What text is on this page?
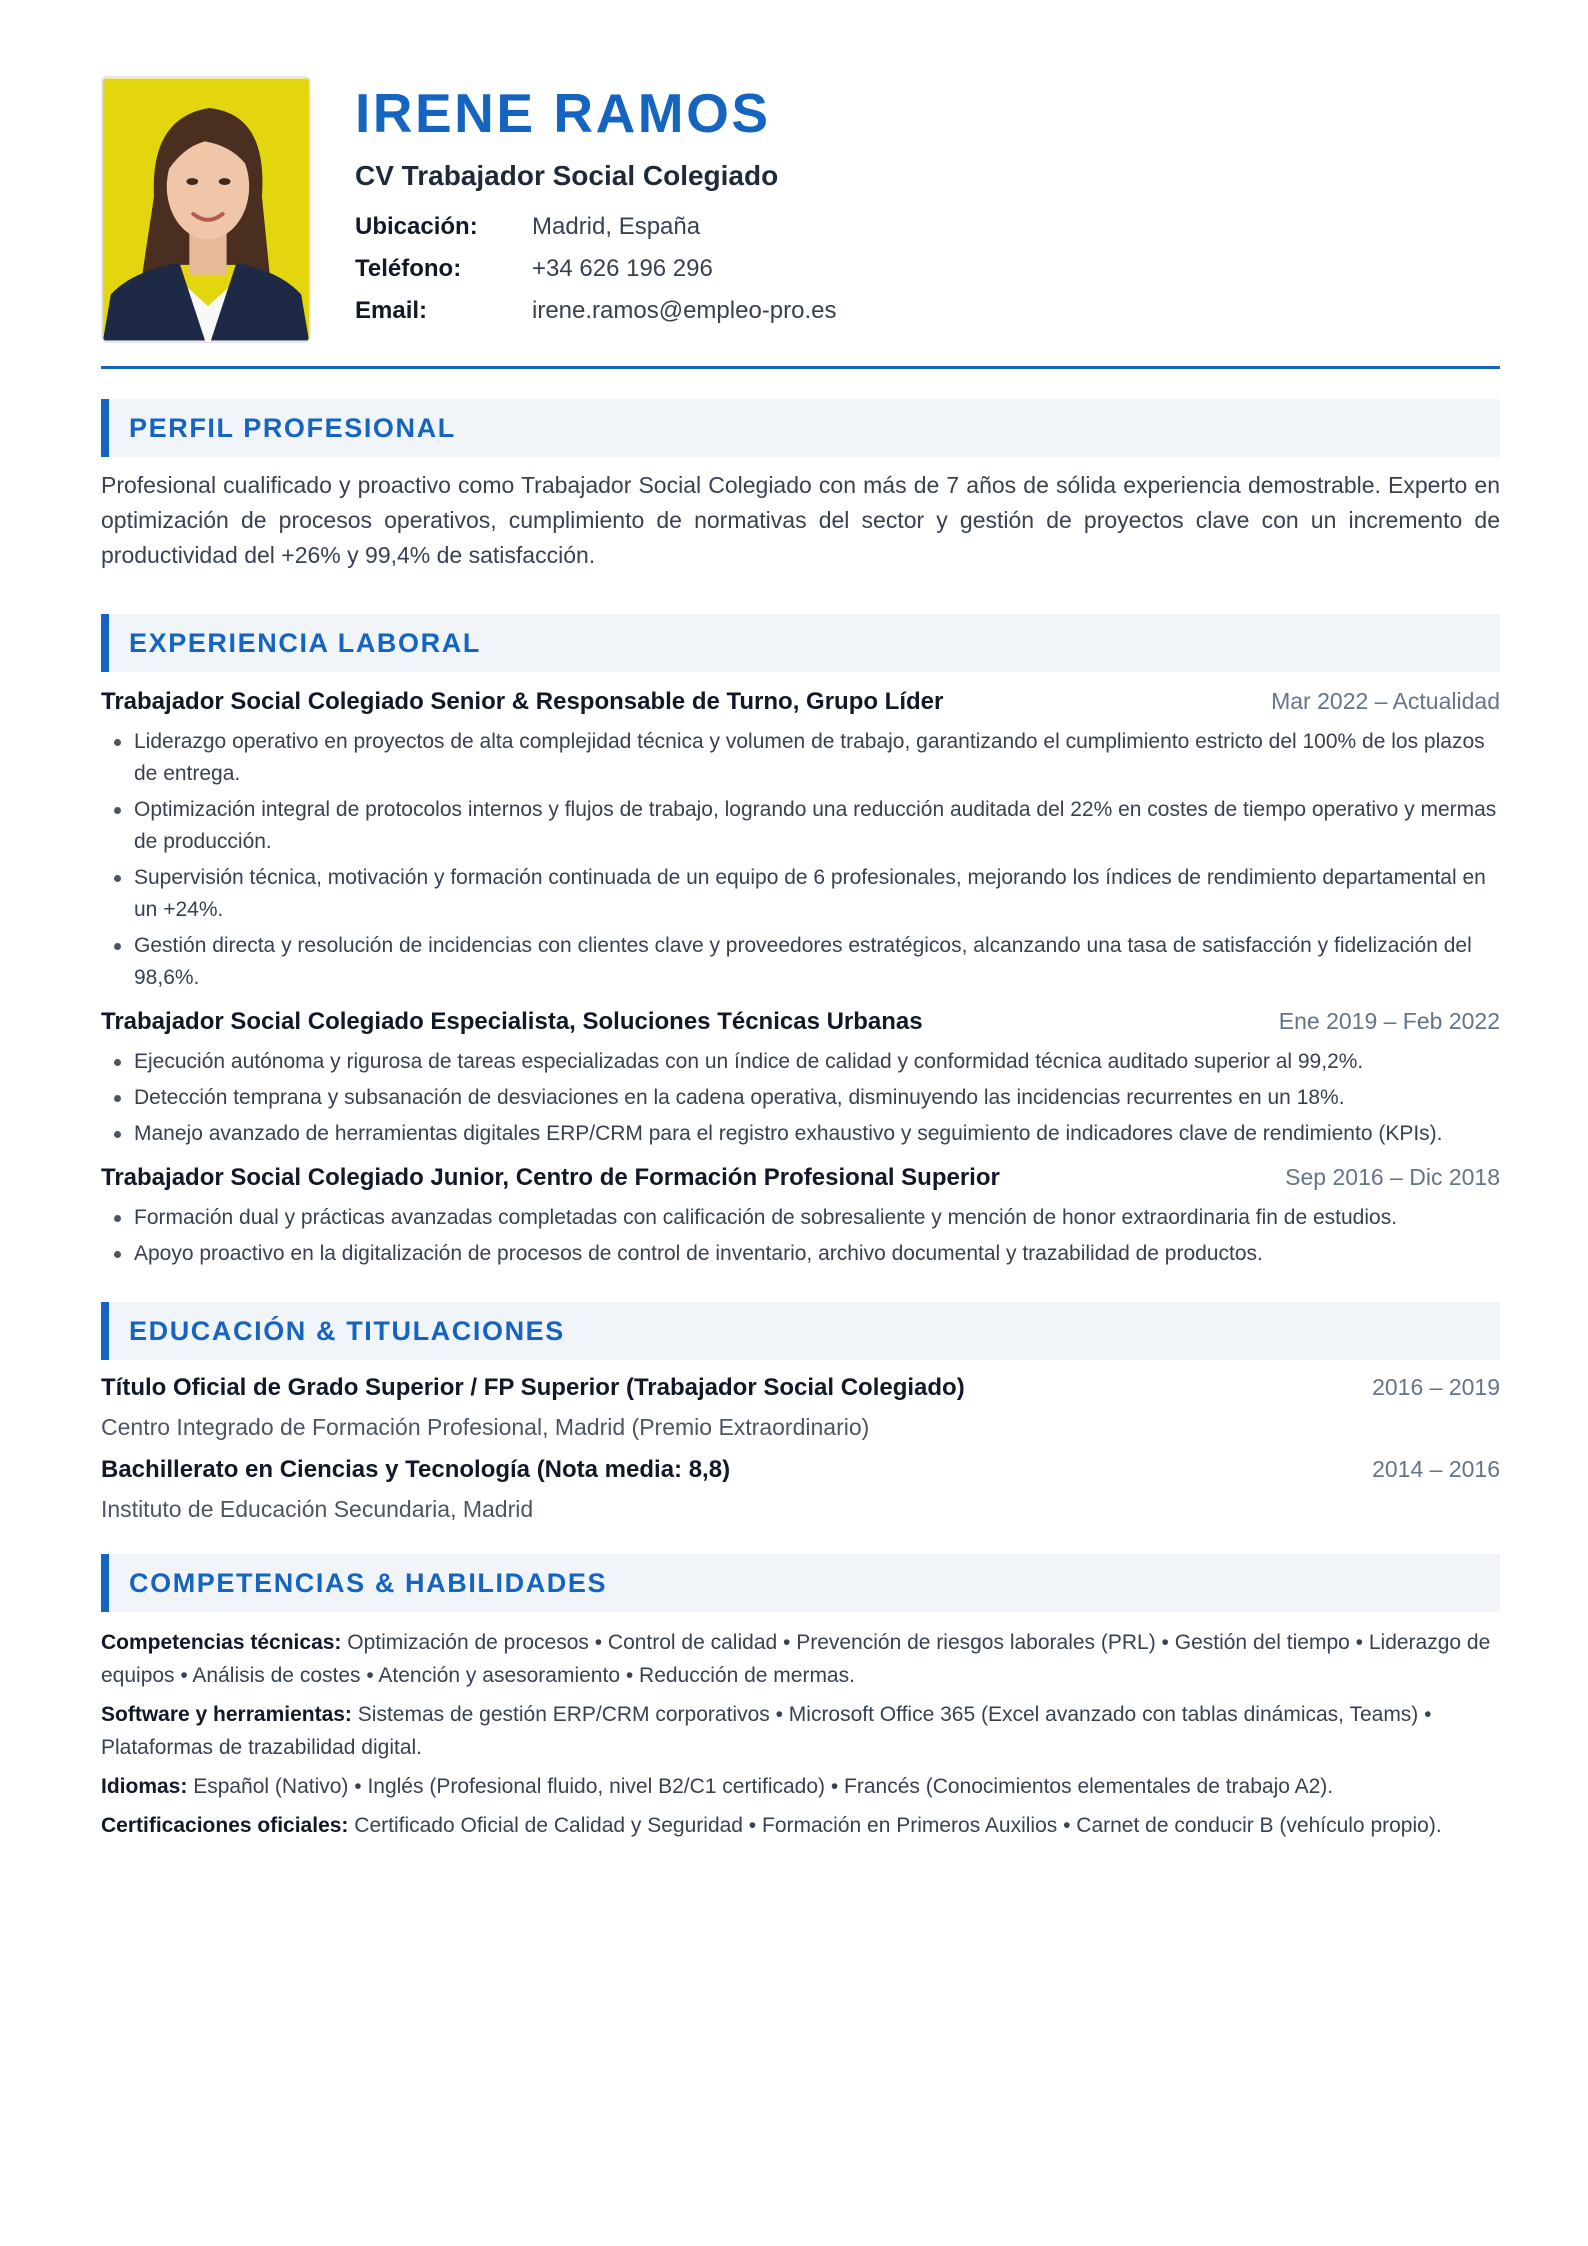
IRENE RAMOS
CV Trabajador Social Colegiado
Ubicación:	Madrid, España
Teléfono:	+34 626 196 296
Email:	irene.ramos@empleo-pro.es
PERFIL PROFESIONAL

Profesional cualificado y proactivo como Trabajador Social Colegiado con más de 7 años de sólida experiencia demostrable. Experto en optimización de procesos operativos, cumplimiento de normativas del sector y gestión de proyectos clave con un incremento de productividad del +26% y 99,4% de satisfacción.

EXPERIENCIA LABORAL
Trabajador Social Colegiado Senior & Responsable de Turno, Grupo Líder	Mar 2022 – Actualidad
Liderazgo operativo en proyectos de alta complejidad técnica y volumen de trabajo, garantizando el cumplimiento estricto del 100% de los plazos de entrega.
Optimización integral de protocolos internos y flujos de trabajo, logrando una reducción auditada del 22% en costes de tiempo operativo y mermas de producción.
Supervisión técnica, motivación y formación continuada de un equipo de 6 profesionales, mejorando los índices de rendimiento departamental en un +24%.
Gestión directa y resolución de incidencias con clientes clave y proveedores estratégicos, alcanzando una tasa de satisfacción y fidelización del 98,6%.
Trabajador Social Colegiado Especialista, Soluciones Técnicas Urbanas	Ene 2019 – Feb 2022
Ejecución autónoma y rigurosa de tareas especializadas con un índice de calidad y conformidad técnica auditado superior al 99,2%.
Detección temprana y subsanación de desviaciones en la cadena operativa, disminuyendo las incidencias recurrentes en un 18%.
Manejo avanzado de herramientas digitales ERP/CRM para el registro exhaustivo y seguimiento de indicadores clave de rendimiento (KPIs).
Trabajador Social Colegiado Junior, Centro de Formación Profesional Superior	Sep 2016 – Dic 2018
Formación dual y prácticas avanzadas completadas con calificación de sobresaliente y mención de honor extraordinaria fin de estudios.
Apoyo proactivo en la digitalización de procesos de control de inventario, archivo documental y trazabilidad de productos.
EDUCACIÓN & TITULACIONES
Título Oficial de Grado Superior / FP Superior (Trabajador Social Colegiado)	2016 – 2019
Centro Integrado de Formación Profesional, Madrid (Premio Extraordinario)
Bachillerato en Ciencias y Tecnología (Nota media: 8,8)	2014 – 2016
Instituto de Educación Secundaria, Madrid
COMPETENCIAS & HABILIDADES

Competencias técnicas: Optimización de procesos • Control de calidad • Prevención de riesgos laborales (PRL) • Gestión del tiempo • Liderazgo de equipos • Análisis de costes • Atención y asesoramiento • Reducción de mermas.

Software y herramientas: Sistemas de gestión ERP/CRM corporativos • Microsoft Office 365 (Excel avanzado con tablas dinámicas, Teams) • Plataformas de trazabilidad digital.

Idiomas: Español (Nativo) • Inglés (Profesional fluido, nivel B2/C1 certificado) • Francés (Conocimientos elementales de trabajo A2).

Certificaciones oficiales: Certificado Oficial de Calidad y Seguridad • Formación en Primeros Auxilios • Carnet de conducir B (vehículo propio).
